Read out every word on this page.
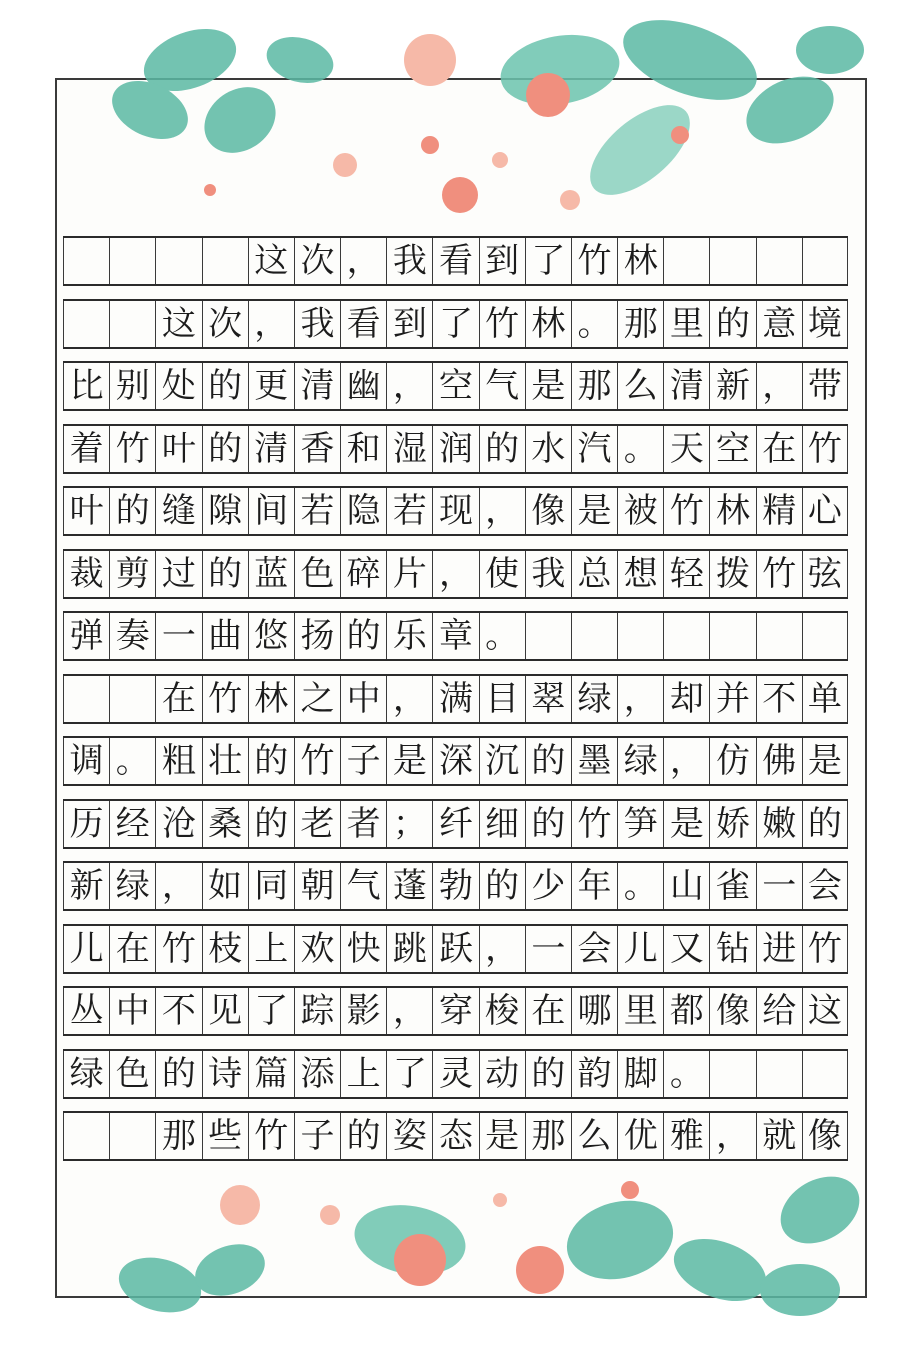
这 次 ， 我 看 到 了 竹 林
这 次 ， 我 看 到 了 竹 林 。 那 里 的 意 境
比 别 处 的 更 清 幽 ， 空 气 是 那 么 清 新 ， 带
着 竹 叶 的 清 香 和 湿 润 的 水 汽 。 天 空 在 竹
叶 的 缝 隙 间 若 隐 若 现 ， 像 是 被 竹 林 精 心
裁 剪 过 的 蓝 色 碎 片 ， 使 我 总 想 轻 拨 竹 弦
弹 奏 一 曲 悠 扬 的 乐 章 。
在 竹 林 之 中 ， 满 目 翠 绿 ， 却 并 不 单
调 。 粗 壮 的 竹 子 是 深 沉 的 墨 绿 ， 仿 佛 是
历 经 沧 桑 的 老 者 ； 纤 细 的 竹 笋 是 娇 嫩 的
新 绿 ， 如 同 朝 气 蓬 勃 的 少 年 。 山 雀 一 会
儿 在 竹 枝 上 欢 快 跳 跃 ， 一 会 儿 又 钻 进 竹
丛 中 不 见 了 踪 影 ， 穿 梭 在 哪 里 都 像 给 这
绿 色 的 诗 篇 添 上 了 灵 动 的 韵 脚 。
那 些 竹 子 的 姿 态 是 那 么 优 雅 ， 就 像
